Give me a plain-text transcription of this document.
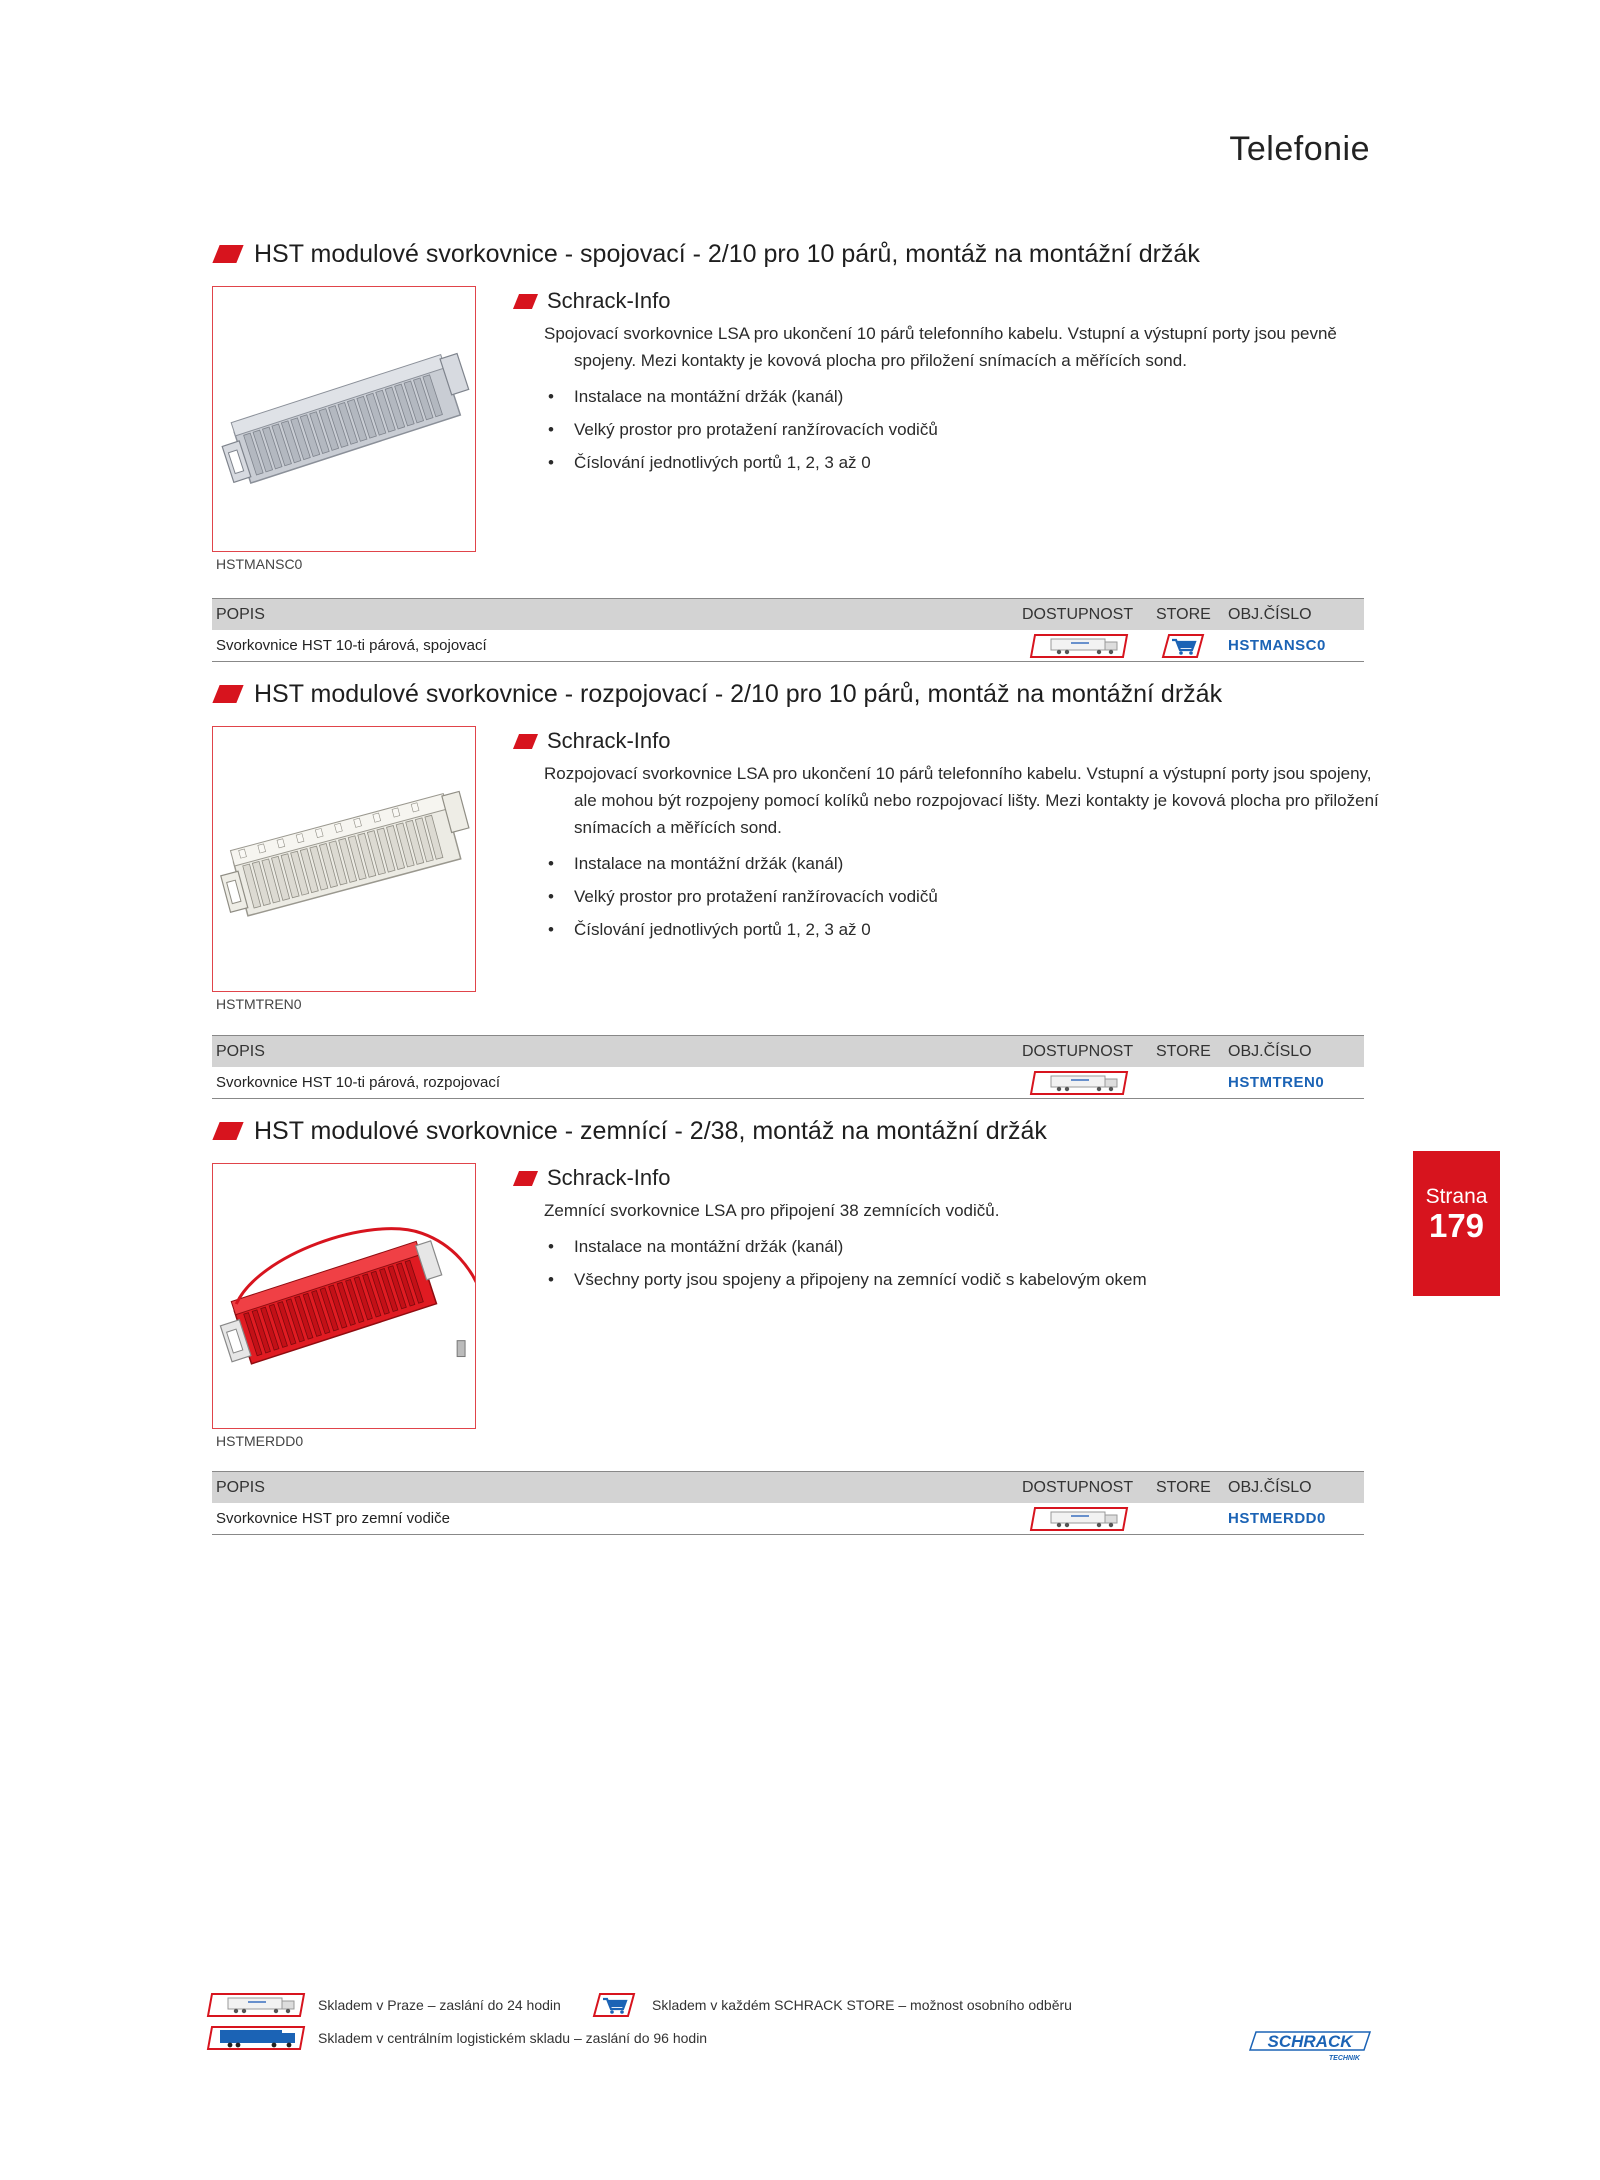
Telefonie
HST modulové svorkovnice - spojovací - 2/10 pro 10 párů, montáž na montážní držák
Schrack-Info

Spojovací svorkovnice LSA pro ukončení 10 párů telefonního kabelu. Vstupní a výstupní porty jsou pevně spojeny. Mezi kontakty je kovová plocha pro přiložení snímacích a měřících sond.

• Instalace na montážní držák (kanál)
• Velký prostor pro protažení ranžírovacích vodičů
• Číslování jednotlivých portů 1, 2, 3 až 0
HSTMANSC0
POPIS	DOSTUPNOST	STORE	OBJ.ČÍSLO
Svorkovnice HST 10-ti párová, spojovací	HSTMANSC0
HST modulové svorkovnice - rozpojovací - 2/10 pro 10 párů, montáž na montážní držák
Schrack-Info

Rozpojovací svorkovnice LSA pro ukončení 10 párů telefonního kabelu. Vstupní a výstupní porty jsou spojeny, ale mohou být rozpojeny pomocí kolíků nebo rozpojovací lišty. Mezi kontakty je kovová plocha pro přiložení snímacích a měřících sond.

• Instalace na montážní držák (kanál)
• Velký prostor pro protažení ranžírovacích vodičů
• Číslování jednotlivých portů 1, 2, 3 až 0
HSTMTREN0
POPIS	DOSTUPNOST	STORE	OBJ.ČÍSLO
Svorkovnice HST 10-ti párová, rozpojovací	HSTMTREN0
HST modulové svorkovnice - zemnící - 2/38, montáž na montážní držák
Schrack-Info

Zemnící svorkovnice LSA pro připojení 38 zemnících vodičů.

• Instalace na montážní držák (kanál)
• Všechny porty jsou spojeny a připojeny na zemnící vodič s kabelovým okem
HSTMERDD0
POPIS	DOSTUPNOST	STORE	OBJ.ČÍSLO
Svorkovnice HST pro zemní vodiče	HSTMERDD0
Strana
179
Skladem v Praze – zaslání do 24 hodin	Skladem v každém SCHRACK STORE – možnost osobního odběru
Skladem v centrálním logistickém skladu – zaslání do 96 hodin	SCHRACK
TECHNIK
